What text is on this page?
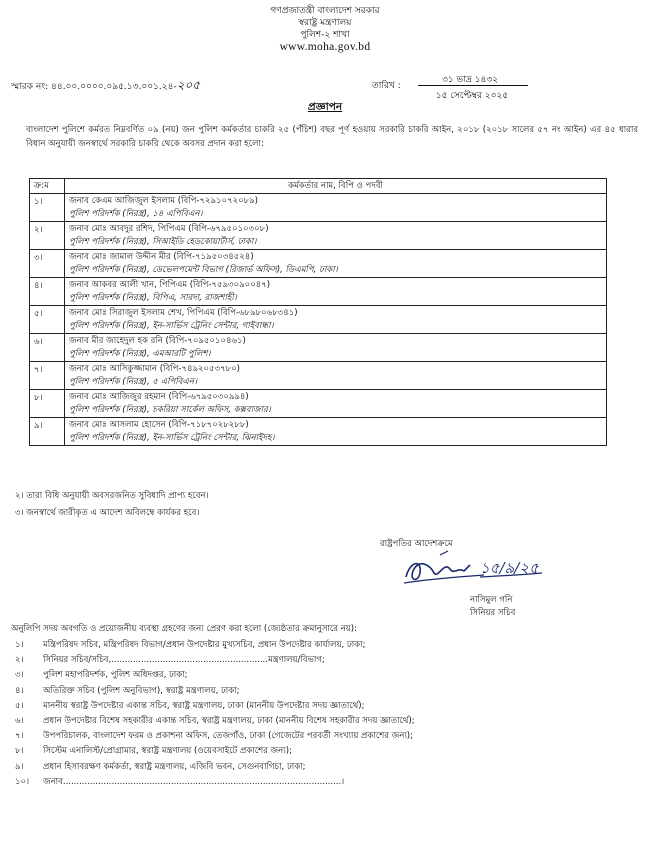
গণপ্রজাতন্ত্রী বাংলাদেশ সরকার
স্বরাষ্ট্র মন্ত্রণালয়
পুলিশ-২ শাখা
www.moha.gov.bd
স্মারক নং: ৪৪.০০.০০০০.০৯৫.১৩.০০১.২৪-২০৫	তারিখ :
৩১ ভাদ্র ১৪৩২
১৫ সেপ্টেম্বর ২০২৫
প্রজ্ঞাপন
বাংলাদেশ পুলিশে কর্মরত নিম্নবর্ণিত ০৯ (নয়) জন পুলিশ কর্মকর্তার চাকরি ২৫ (পঁচিশ) বছর পূর্ণ হওয়ায় সরকারি চাকরি আইন, ২০১৮ (২০১৮ সালের ৫৭ নং আইন) এর ৪৫ ধারার বিধান অনুযায়ী জনস্বার্থে সরকারি চাকরি থেকে অবসর প্রদান করা হলো:
ক্র:ম	কর্মকর্তার নাম, বিপি ও পদবী
১।	জনাব কেএম আজিজুল ইসলাম (বিপি-৭২৯১০৭২০৮৯)
পুলিশ পরিদর্শক (নিরস্ত্র), ১৪ এপিবিএন।

২।	জনাব মোঃ আবদুর রশিদ, পিপিএম (বিপি-৬৭৯৫০১০৩০৮)
পুলিশ পরিদর্শক (নিরস্ত্র), সিআইডি হেডকোয়ার্টার্স, ঢাকা।

৩।	জনাব মোঃ জামাল উদ্দীন মীর (বিপি-৭১৯৫০৩৪৫২৪)
পুলিশ পরিদর্শক (নিরস্ত্র), ডেভেলপমেন্ট বিভাগ (রিজার্ভ অফিস), ডিএমপি, ঢাকা।

৪।	জনাব আকবর আলী খান, পিপিএম (বিপি-৭৫৯৩০৯০০৪৭)
পুলিশ পরিদর্শক (নিরস্ত্র), বিপিএ, সারদা, রাজশাহী।

৫।	জনাব মোঃ সিরাজুল ইসলাম শেখ, পিপিএম (বিপি-৬৮৯৮০৬৮৩৪১)
পুলিশ পরিদর্শক (নিরস্ত্র), ইন-সার্ভিস ট্রেনিং সেন্টার, গাইবান্ধা।

৬।	জনাব মীর জাহেদুল হক রনি (বিপি-৭০৯৫০১০৪৬১)
পুলিশ পরিদর্শক (নিরস্ত্র), এমআরটি পুলিশ।

৭।	জনাব মোঃ আসিকুজ্জামান (বিপি-৭৪৯২০৫৩৭৮০)
পুলিশ পরিদর্শক (নিরস্ত্র), ৫ এপিবিএন।

৮।	জনাব মোঃ আজিজুর রহমান (বিপি-৬৭৯৫০৩০৯৯৪)
পুলিশ পরিদর্শক (নিরস্ত্র), চকরিয়া সার্কেল অফিস, কক্সবাজার।

৯।	জনাব মোঃ আসলাম হোসেন (বিপি-৭১৮৭০২৮২৮৮)
পুলিশ পরিদর্শক (নিরস্ত্র), ইন-সার্ভিস ট্রেনিং সেন্টার, ঝিনাইদহ।
২। তারা বিধি অনুযায়ী অবসরজনিত সুবিধাদি প্রাপ্য হবেন।
৩। জনস্বার্থে জারীকৃত এ আদেশ অবিলম্বে কার্যকর হবে।
রাষ্ট্রপতির আদেশক্রমে
১৫/৯/২৫
নাসিমুল গনি
সিনিয়র সচিব
অনুলিপি সদয় অবগতি ও প্রয়োজনীয় ব্যবস্থা গ্রহণের জন্য প্রেরণ করা হলো (জ্যেষ্ঠতার ক্রমানুসারে নয়):
১।	মন্ত্রিপরিষদ সচিব, মন্ত্রিপরিষদ বিভাগ/প্রধান উপদেষ্টার মুখ্যসচিব, প্রধান উপদেষ্টার কার্যালয়, ঢাকা;
২।	সিনিয়র সচিব/সচিব,..........................................................মন্ত্রণালয়/বিভাগ;
৩।	পুলিশ মহাপরিদর্শক, পুলিশ অধিদপ্তর, ঢাকা;
৪।	অতিরিক্ত সচিব (পুলিশ অনুবিভাগ), স্বরাষ্ট্র মন্ত্রণালয়, ঢাকা;
৫।	মাননীয় স্বরাষ্ট্র উপদেষ্টার একান্ত সচিব, স্বরাষ্ট্র মন্ত্রণালয়, ঢাকা (মাননীয় উপদেষ্টার সদয় জ্ঞাতার্থে);
৬।	প্রধান উপদেষ্টার বিশেষ সহকারীর একান্ত সচিব, স্বরাষ্ট্র মন্ত্রণালয়, ঢাকা (মাননীয় বিশেষ সহকারীর সদয় জ্ঞাতার্থে);
৭।	উপপরিচালক, বাংলাদেশ ফরম ও প্রকাশনা অফিস, তেজগাঁও, ঢাকা (গেজেটের পরবর্তী সংখ্যায় প্রকাশের জন্য);
৮।	সিস্টেম এনালিস্ট/প্রোগ্রামার, স্বরাষ্ট্র মন্ত্রণালয় (ওয়েবসাইটে প্রকাশের জন্য);
৯।	প্রধান হিসাবরক্ষণ কর্মকর্তা, স্বরাষ্ট্র মন্ত্রণালয়, এজিবি ভবন, সেগুনবাগিচা, ঢাকা;
১০।	জনাব.......................................................................................................।
